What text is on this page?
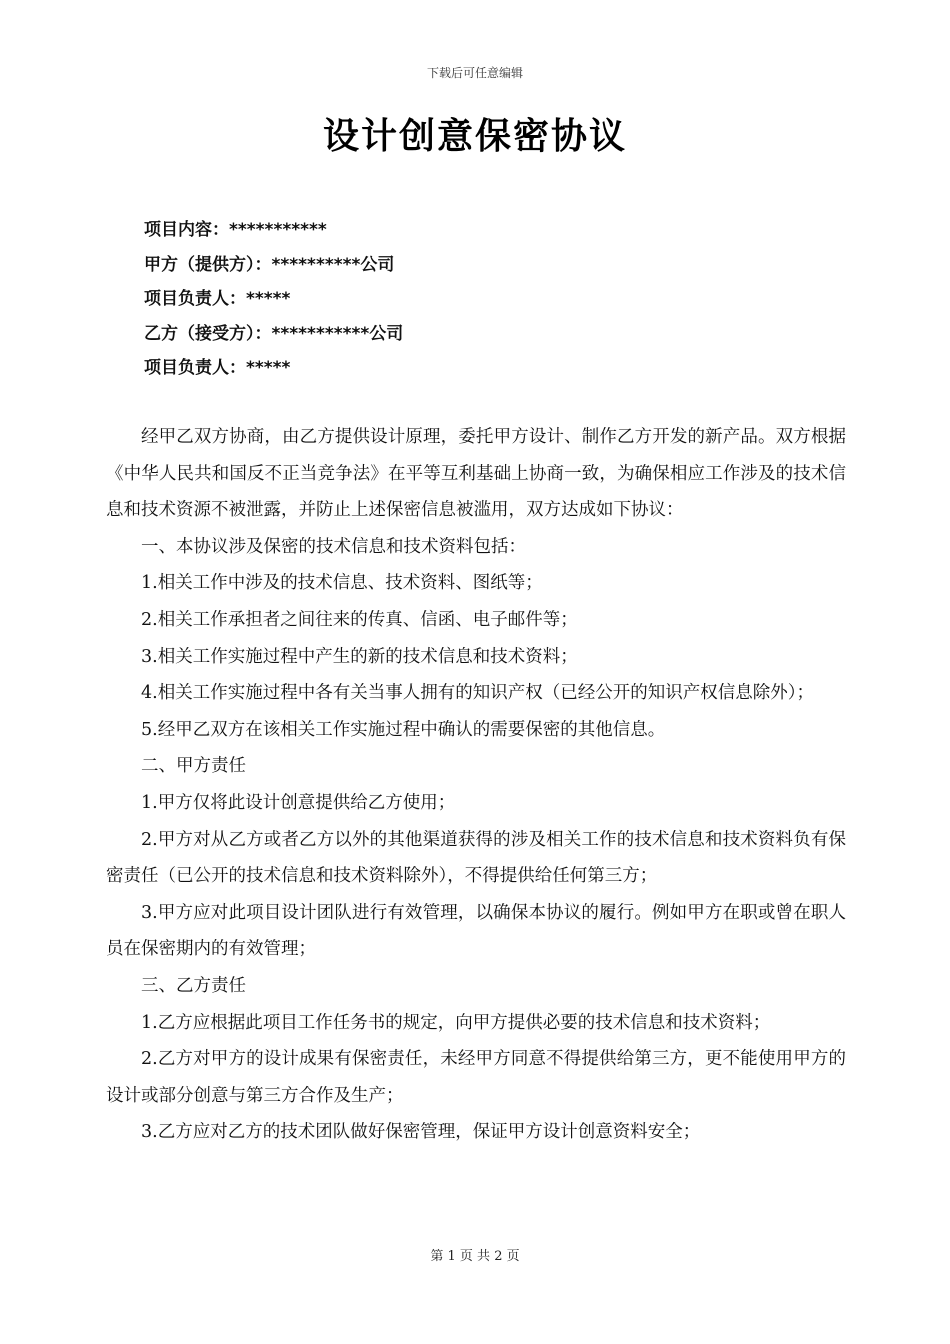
下载后可任意编辑
设计创意保密协议
项目内容：***********
甲方（提供方）：**********公司
项目负责人：*****
乙方（接受方）：***********公司
项目负责人：*****

经甲乙双方协商，由乙方提供设计原理，委托甲方设计、制作乙方开发的新产品。双方根据《中华人民共和国反不正当竞争法》在平等互利基础上协商一致，为确保相应工作涉及的技术信息和技术资源不被泄露，并防止上述保密信息被滥用，双方达成如下协议：

一、本协议涉及保密的技术信息和技术资料包括：

1.相关工作中涉及的技术信息、技术资料、图纸等；

2.相关工作承担者之间往来的传真、信函、电子邮件等；

3.相关工作实施过程中产生的新的技术信息和技术资料；

4.相关工作实施过程中各有关当事人拥有的知识产权（已经公开的知识产权信息除外）；

5.经甲乙双方在该相关工作实施过程中确认的需要保密的其他信息。

二、甲方责任

1.甲方仅将此设计创意提供给乙方使用；

2.甲方对从乙方或者乙方以外的其他渠道获得的涉及相关工作的技术信息和技术资料负有保密责任（已公开的技术信息和技术资料除外），不得提供给任何第三方；

3.甲方应对此项目设计团队进行有效管理，以确保本协议的履行。例如甲方在职或曾在职人员在保密期内的有效管理；

三、乙方责任

1.乙方应根据此项目工作任务书的规定，向甲方提供必要的技术信息和技术资料；

2.乙方对甲方的设计成果有保密责任，未经甲方同意不得提供给第三方，更不能使用甲方的设计或部分创意与第三方合作及生产；

3.乙方应对乙方的技术团队做好保密管理，保证甲方设计创意资料安全；

第 1 页 共 2 页
